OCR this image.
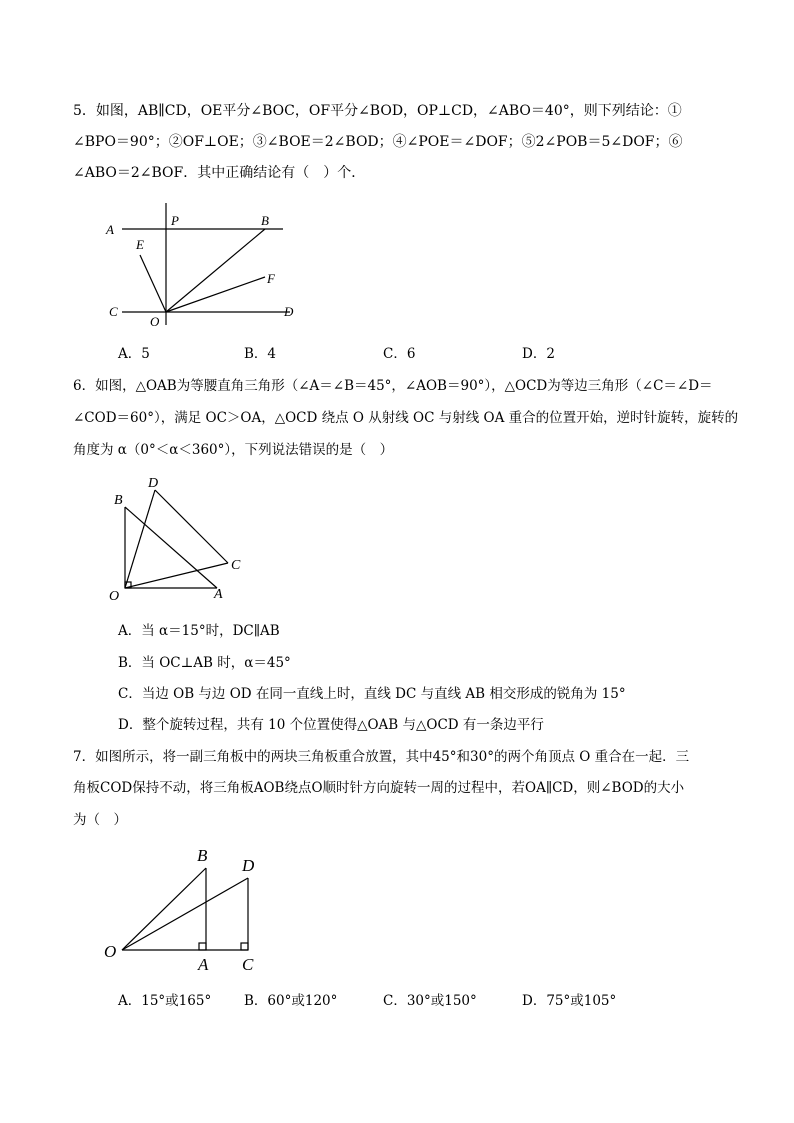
5．如图，AB∥CD，OE平分∠BOC，OF平分∠BOD，OP⊥CD，∠ABO＝40°，则下列结论：①
∠BPO＝90°；②OF⊥OE；③∠BOE＝2∠BOD；④∠POE＝∠DOF；⑤2∠POB＝5∠DOF；⑥
∠ABO＝2∠BOF．其中正确结论有（　）个．
A
P	B
E
F
C
O
D
A．5	B．4	C．6	D．2
6．如图，△OAB为等腰直角三角形（∠A＝∠B＝45°，∠AOB＝90°），△OCD为等边三角形（∠C＝∠D＝
∠COD＝60°），满足 OC＞OA，△OCD 绕点 O 从射线 OC 与射线 OA 重合的位置开始，逆时针旋转，旋转的
角度为 α（0°＜α＜360°），下列说法错误的是（　）
B
D
C
O	A
A．当 α＝15°时，DC∥AB
B．当 OC⊥AB 时，α＝45°
C．当边 OB 与边 OD 在同一直线上时，直线 DC 与直线 AB 相交形成的锐角为 15°
D．整个旋转过程，共有 10 个位置使得△OAB 与△OCD 有一条边平行
7．如图所示，将一副三角板中的两块三角板重合放置，其中45°和30°的两个角顶点 O 重合在一起．三
角板COD保持不动，将三角板AOB绕点O顺时针方向旋转一周的过程中，若OA∥CD，则∠BOD的大小
为（　）
B
D
O
A C
A．15°或165° B．60°或120°	C．30°或150°	D．75°或105°
